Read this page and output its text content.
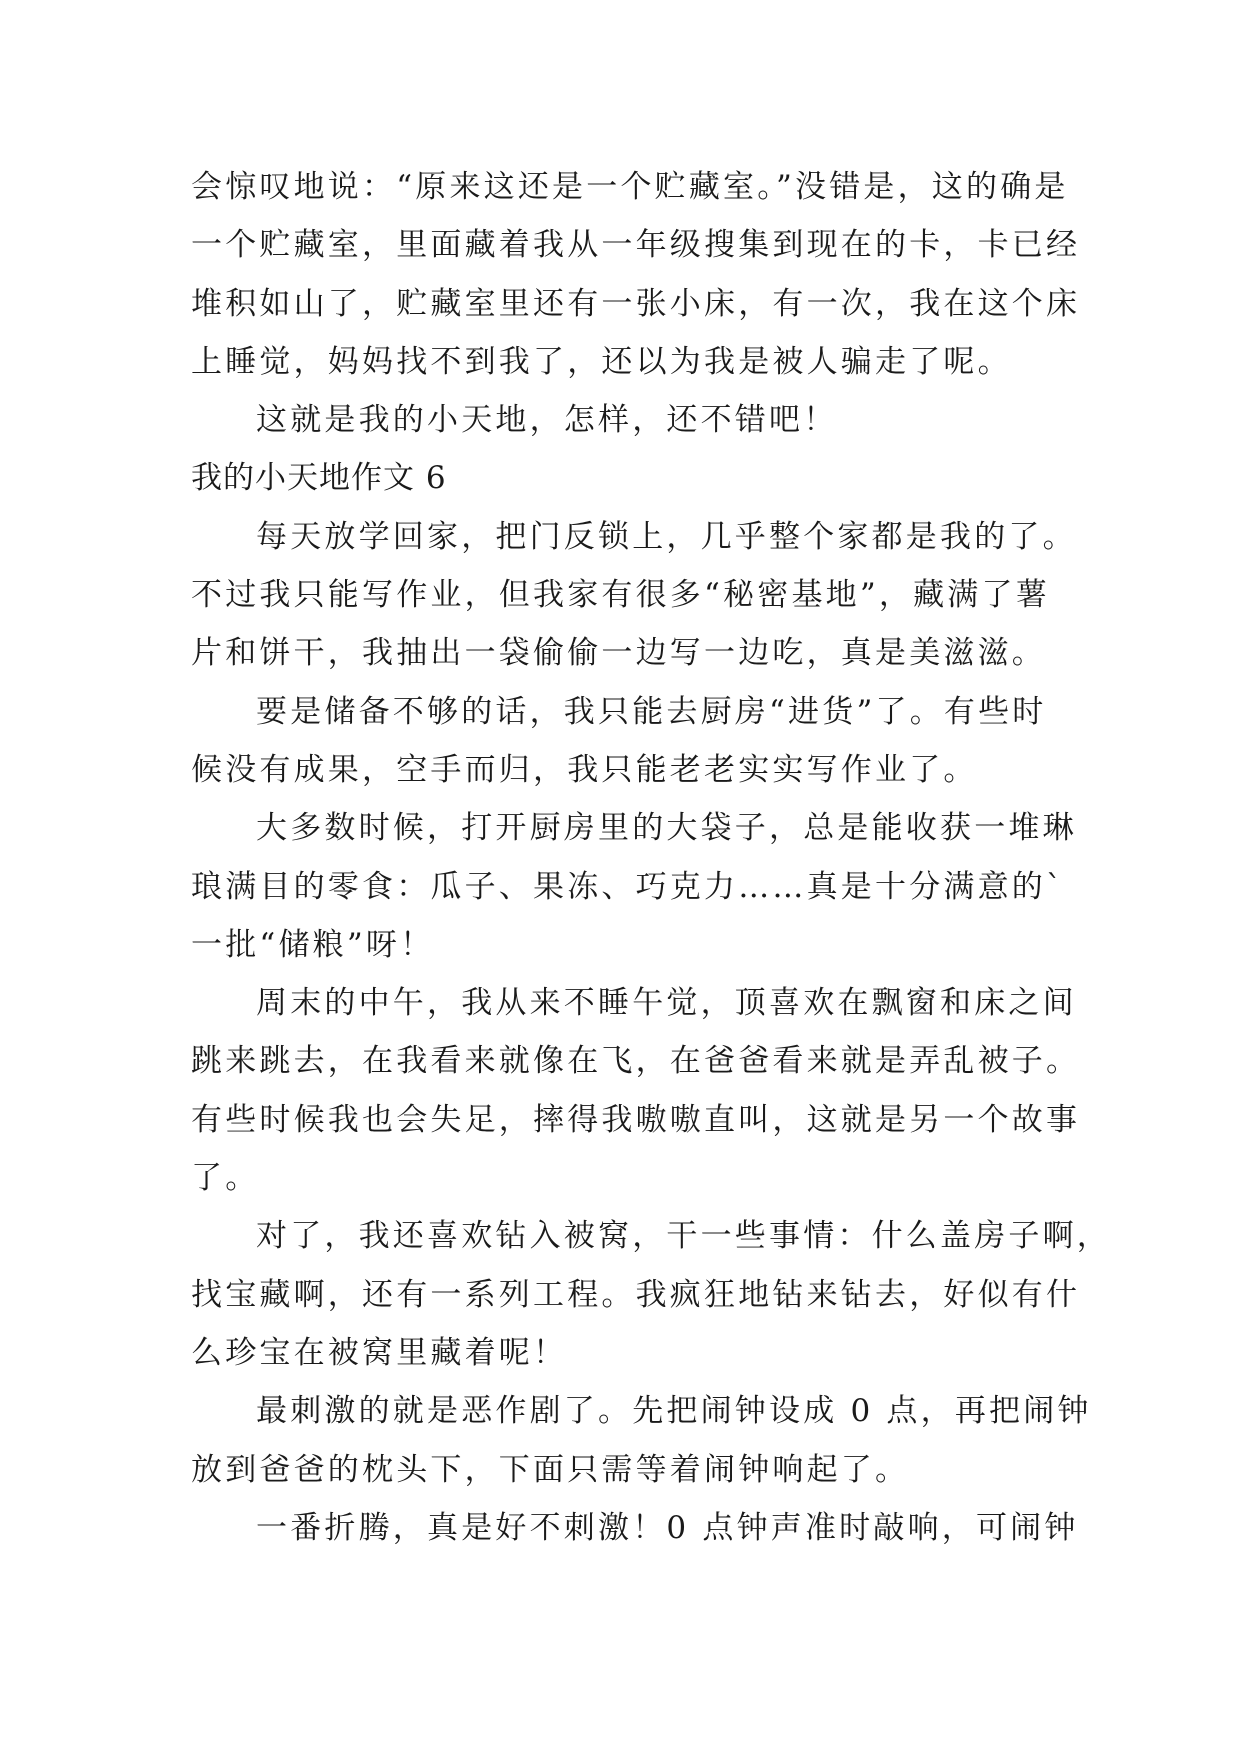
会惊叹地说：“原来这还是一个贮藏室。”没错是，这的确是
一个贮藏室，里面藏着我从一年级搜集到现在的卡，卡已经
堆积如山了，贮藏室里还有一张小床，有一次，我在这个床
上睡觉，妈妈找不到我了，还以为我是被人骗走了呢。
这就是我的小天地，怎样，还不错吧！
我的小天地作文 6
每天放学回家，把门反锁上，几乎整个家都是我的了。
不过我只能写作业，但我家有很多“秘密基地”，藏满了薯
片和饼干，我抽出一袋偷偷一边写一边吃，真是美滋滋。
要是储备不够的话，我只能去厨房“进货”了。有些时
候没有成果，空手而归，我只能老老实实写作业了。
大多数时候，打开厨房里的大袋子，总是能收获一堆琳
琅满目的零食：瓜子、果冻、巧克力……真是十分满意的`
一批“储粮”呀！
周末的中午，我从来不睡午觉，顶喜欢在飘窗和床之间
跳来跳去，在我看来就像在飞，在爸爸看来就是弄乱被子。
有些时候我也会失足，摔得我嗷嗷直叫，这就是另一个故事
了。
对了，我还喜欢钻入被窝，干一些事情：什么盖房子啊，
找宝藏啊，还有一系列工程。我疯狂地钻来钻去，好似有什
么珍宝在被窝里藏着呢！
最刺激的就是恶作剧了。先把闹钟设成 0 点，再把闹钟
放到爸爸的枕头下，下面只需等着闹钟响起了。
一番折腾，真是好不刺激！0 点钟声准时敲响，可闹钟
